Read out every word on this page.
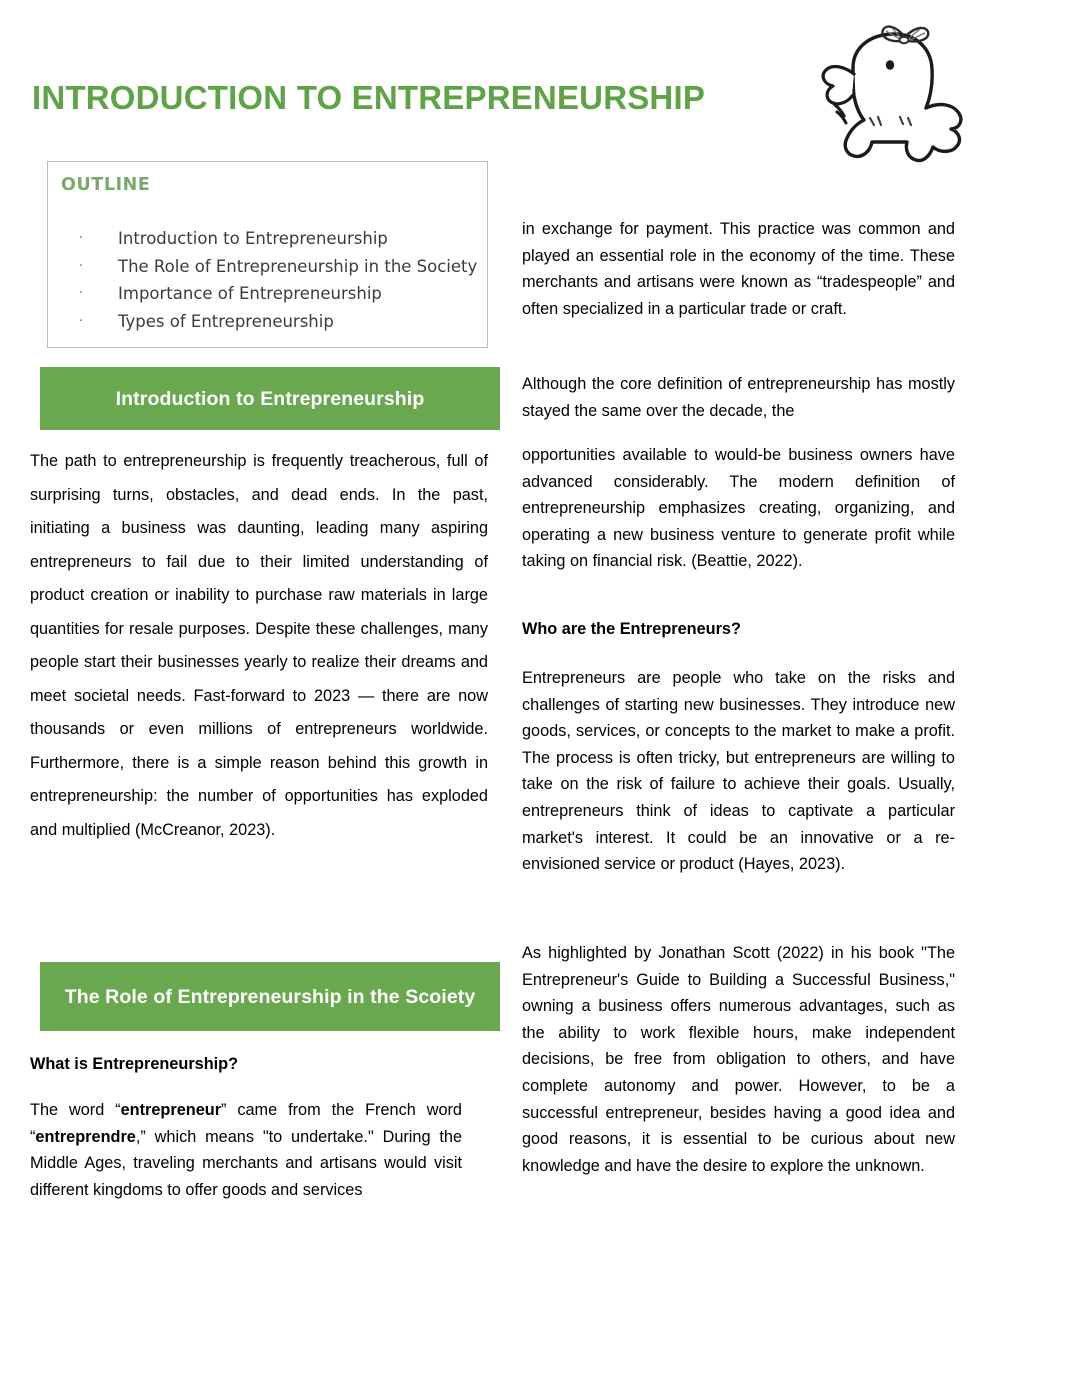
INTRODUCTION TO ENTREPRENEURSHIP
OUTLINE
· Introduction to Entrepreneurship
· The Role of Entrepreneurship in the Society
· Importance of Entrepreneurship
· Types of Entrepreneurship
Introduction to Entrepreneurship
The Role of Entrepreneurship in the Scoiety

The path to entrepreneurship is frequently treacherous, full of surprising turns, obstacles, and dead ends. In the past, initiating a business was daunting, leading many aspiring entrepreneurs to fail due to their limited understanding of product creation or inability to purchase raw materials in large quantities for resale purposes. Despite these challenges, many people start their businesses yearly to realize their dreams and meet societal needs. Fast-forward to 2023 — there are now thousands or even millions of entrepreneurs worldwide. Furthermore, there is a simple reason behind this growth in entrepreneurship: the number of opportunities has exploded and multiplied (McCreanor, 2023).

What is Entrepreneurship?

The word “entrepreneur” came from the French word “entreprendre,” which means "to undertake." During the Middle Ages, traveling merchants and artisans would visit different kingdoms to offer goods and services

in exchange for payment. This practice was common and played an essential role in the economy of the time. These merchants and artisans were known as “tradespeople” and often specialized in a particular trade or craft.

Although the core definition of entrepreneurship has mostly stayed the same over the decade, the

opportunities available to would-be business owners have advanced considerably. The modern definition of entrepreneurship emphasizes creating, organizing, and operating a new business venture to generate profit while taking on financial risk. (Beattie, 2022).

Who are the Entrepreneurs?

Entrepreneurs are people who take on the risks and challenges of starting new businesses. They introduce new goods, services, or concepts to the market to make a profit. The process is often tricky, but entrepreneurs are willing to take on the risk of failure to achieve their goals. Usually, entrepreneurs think of ideas to captivate a particular market's interest. It could be an innovative or a re-envisioned service or product (Hayes, 2023).

As highlighted by Jonathan Scott (2022) in his book "The Entrepreneur's Guide to Building a Successful Business," owning a business offers numerous advantages, such as the ability to work flexible hours, make independent decisions, be free from obligation to others, and have complete autonomy and power. However, to be a successful entrepreneur, besides having a good idea and good reasons, it is essential to be curious about new knowledge and have the desire to explore the unknown.
